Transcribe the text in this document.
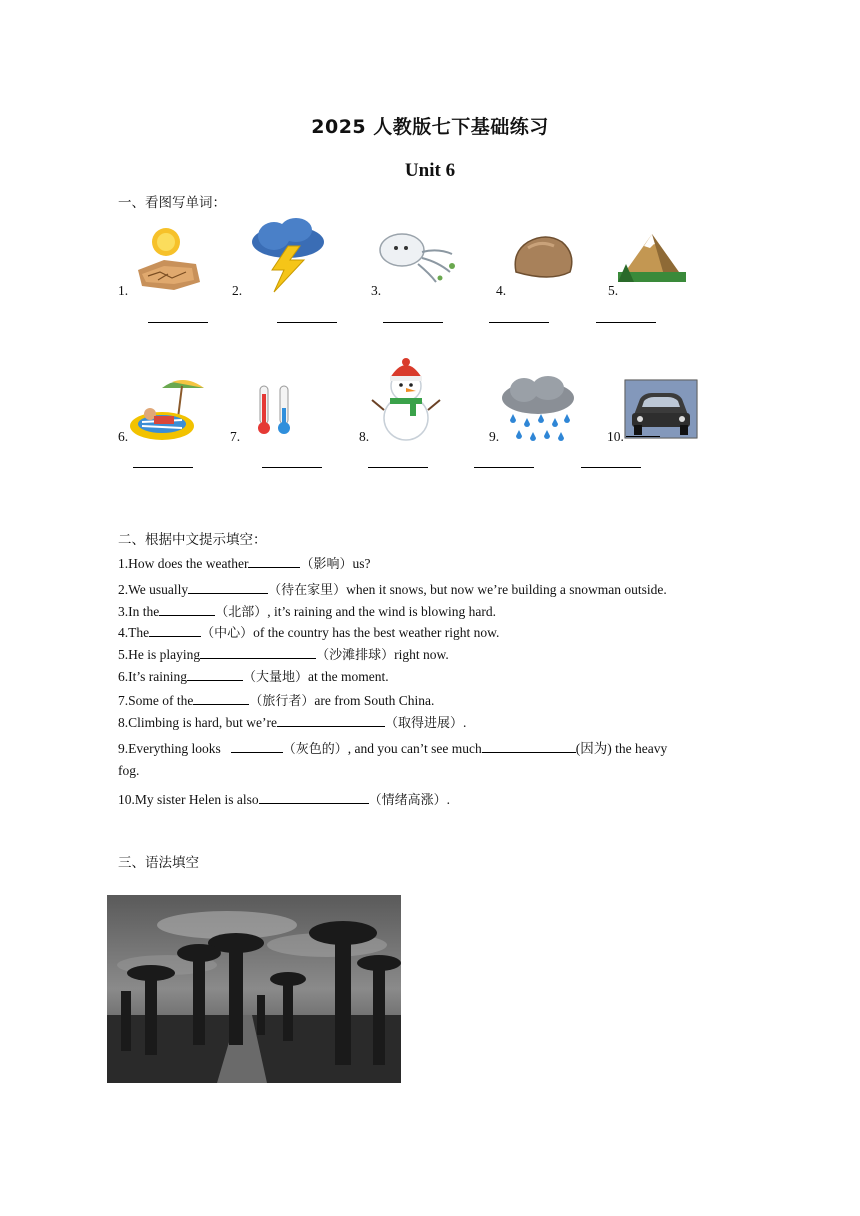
2025 人教版七下基础练习
Unit 6
一、看图写单词：
1.	2.	3.	4.	5.
6.	7.	8.	9.	10.
二、根据中文提示填空：
1.How does the weather	（影响）us?
2.We usually	（待在家里）when it snows, but now we’re building a snowman outside.
3.In the	（北部）, it’s raining and the wind is blowing hard.
4.The	（中心）of the country has the best weather right now.
5.He is playing	（沙滩排球）right now.
6.It’s raining	（大量地）at the moment.
7.Some of the	（旅行者）are from South China.
8.Climbing is hard, but we’re	（取得进展）.
9.Everything looks	（灰色的）, and you can’t see much	(因为) the heavy
fog.
10.My sister Helen is also	（情绪高涨）.
三、语法填空
